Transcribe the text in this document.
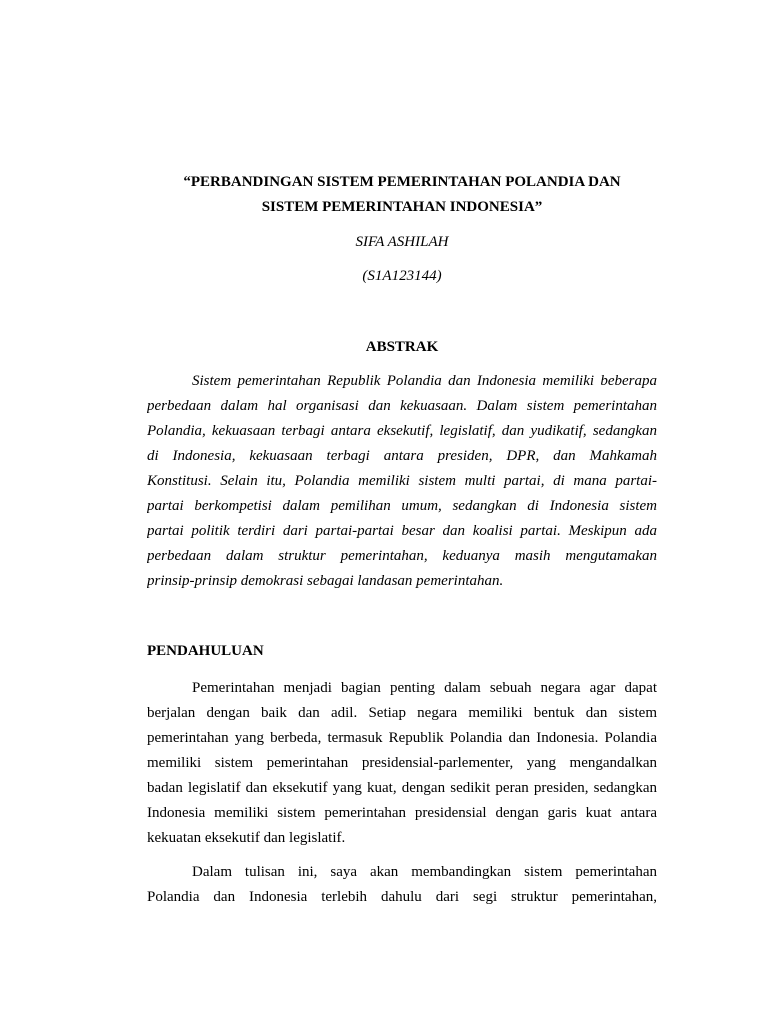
“PERBANDINGAN SISTEM PEMERINTAHAN POLANDIA DAN
SISTEM PEMERINTAHAN INDONESIA”
SIFA ASHILAH
(S1A123144)
ABSTRAK
Sistem pemerintahan Republik Polandia dan Indonesia memiliki beberapa
perbedaan dalam hal organisasi dan kekuasaan. Dalam sistem pemerintahan
Polandia, kekuasaan terbagi antara eksekutif, legislatif, dan yudikatif, sedangkan
di Indonesia, kekuasaan terbagi antara presiden, DPR, dan Mahkamah
Konstitusi. Selain itu, Polandia memiliki sistem multi partai, di mana partai-
partai berkompetisi dalam pemilihan umum, sedangkan di Indonesia sistem
partai politik terdiri dari partai-partai besar dan koalisi partai. Meskipun ada
perbedaan dalam struktur pemerintahan, keduanya masih mengutamakan
prinsip-prinsip demokrasi sebagai landasan pemerintahan.
PENDAHULUAN
Pemerintahan menjadi bagian penting dalam sebuah negara agar dapat
berjalan dengan baik dan adil. Setiap negara memiliki bentuk dan sistem
pemerintahan yang berbeda, termasuk Republik Polandia dan Indonesia. Polandia
memiliki sistem pemerintahan presidensial-parlementer, yang mengandalkan
badan legislatif dan eksekutif yang kuat, dengan sedikit peran presiden, sedangkan
Indonesia memiliki sistem pemerintahan presidensial dengan garis kuat antara
kekuatan eksekutif dan legislatif.
Dalam tulisan ini, saya akan membandingkan sistem pemerintahan
Polandia dan Indonesia terlebih dahulu dari segi struktur pemerintahan,
